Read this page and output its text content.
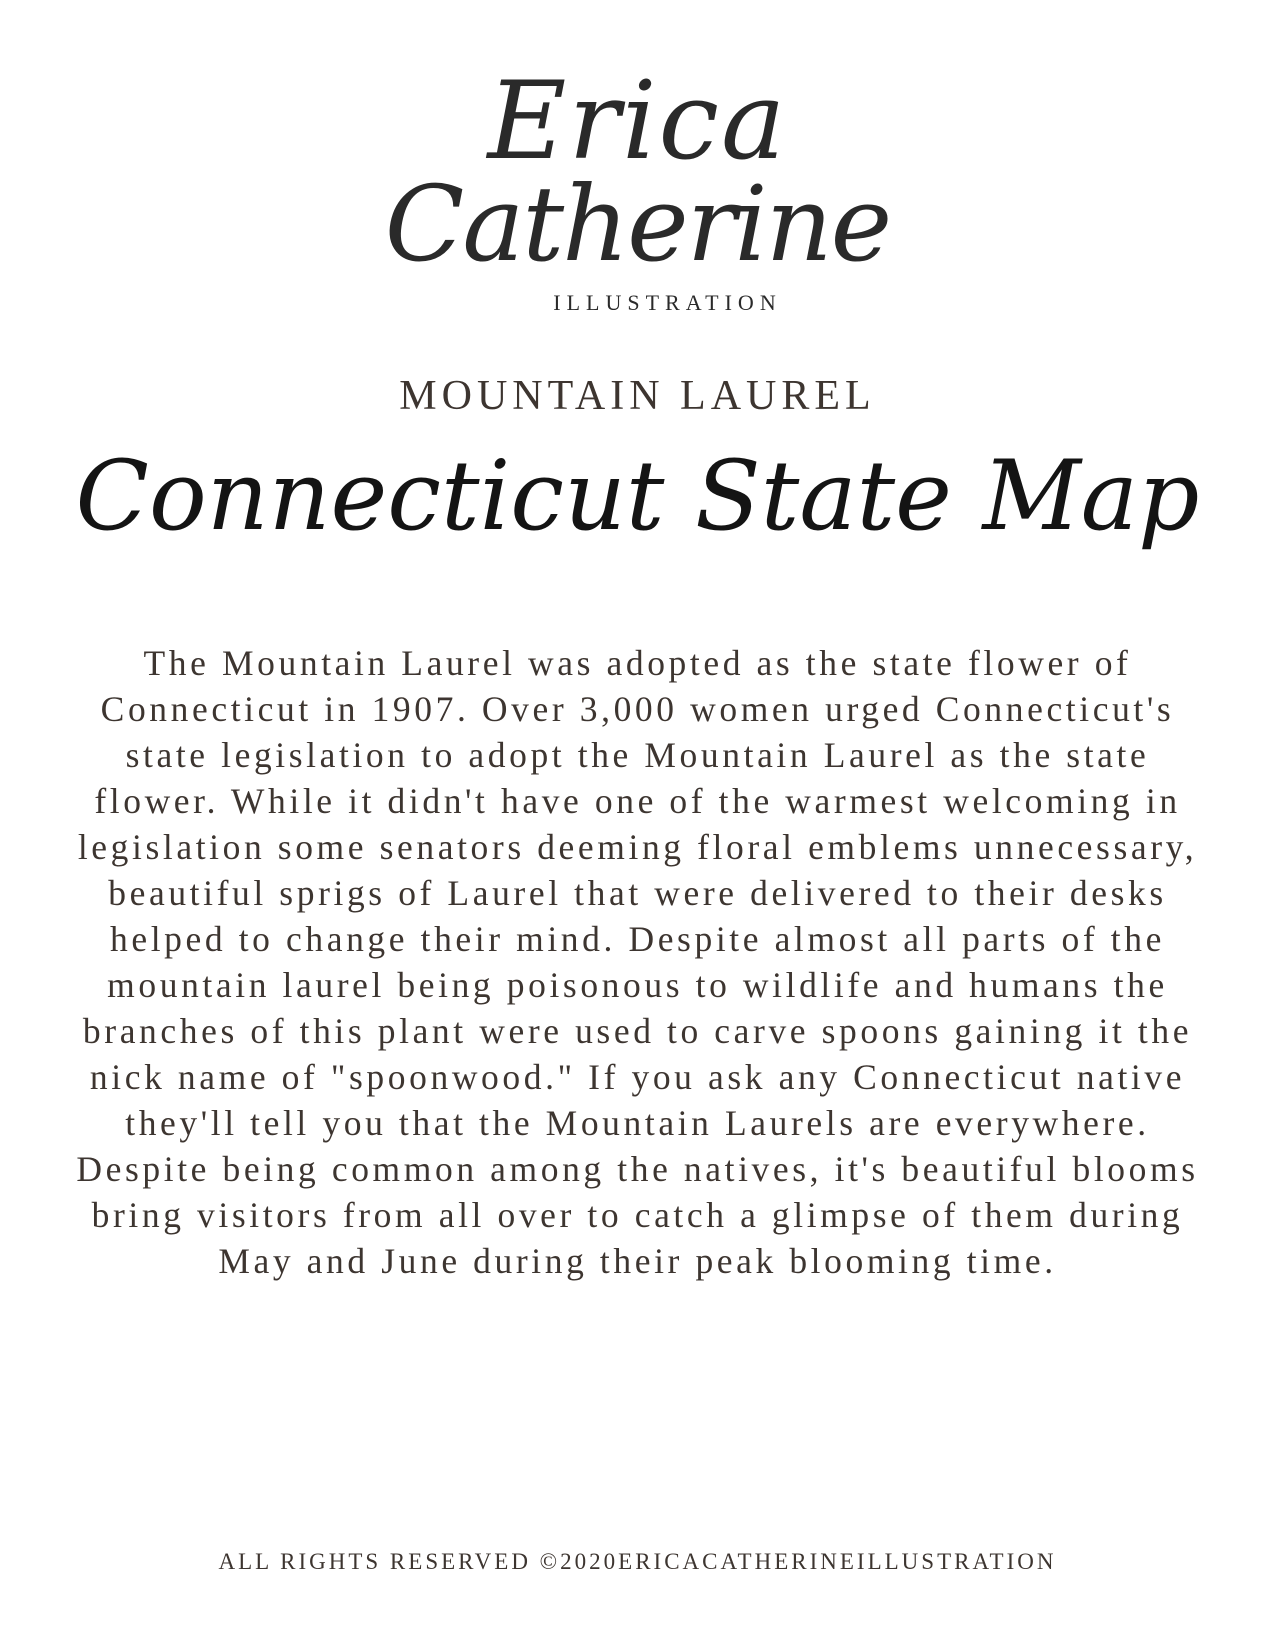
Erica
Catherine
ILLUSTRATION
MOUNTAIN LAUREL
Connecticut State Map
The Mountain Laurel was adopted as the state flower of Connecticut in 1907. Over 3,000 women urged Connecticut's state legislation to adopt the Mountain Laurel as the state flower. While it didn't have one of the warmest welcoming in legislation some senators deeming floral emblems unnecessary, beautiful sprigs of Laurel that were delivered to their desks helped to change their mind. Despite almost all parts of the mountain laurel being poisonous to wildlife and humans the branches of this plant were used to carve spoons gaining it the nick name of "spoonwood." If you ask any Connecticut native they'll tell you that the Mountain Laurels are everywhere. Despite being common among the natives, it's beautiful blooms bring visitors from all over to catch a glimpse of them during May and June during their peak blooming time.
ALL RIGHTS RESERVED ©2020ERICACATHERINEILLUSTRATION
